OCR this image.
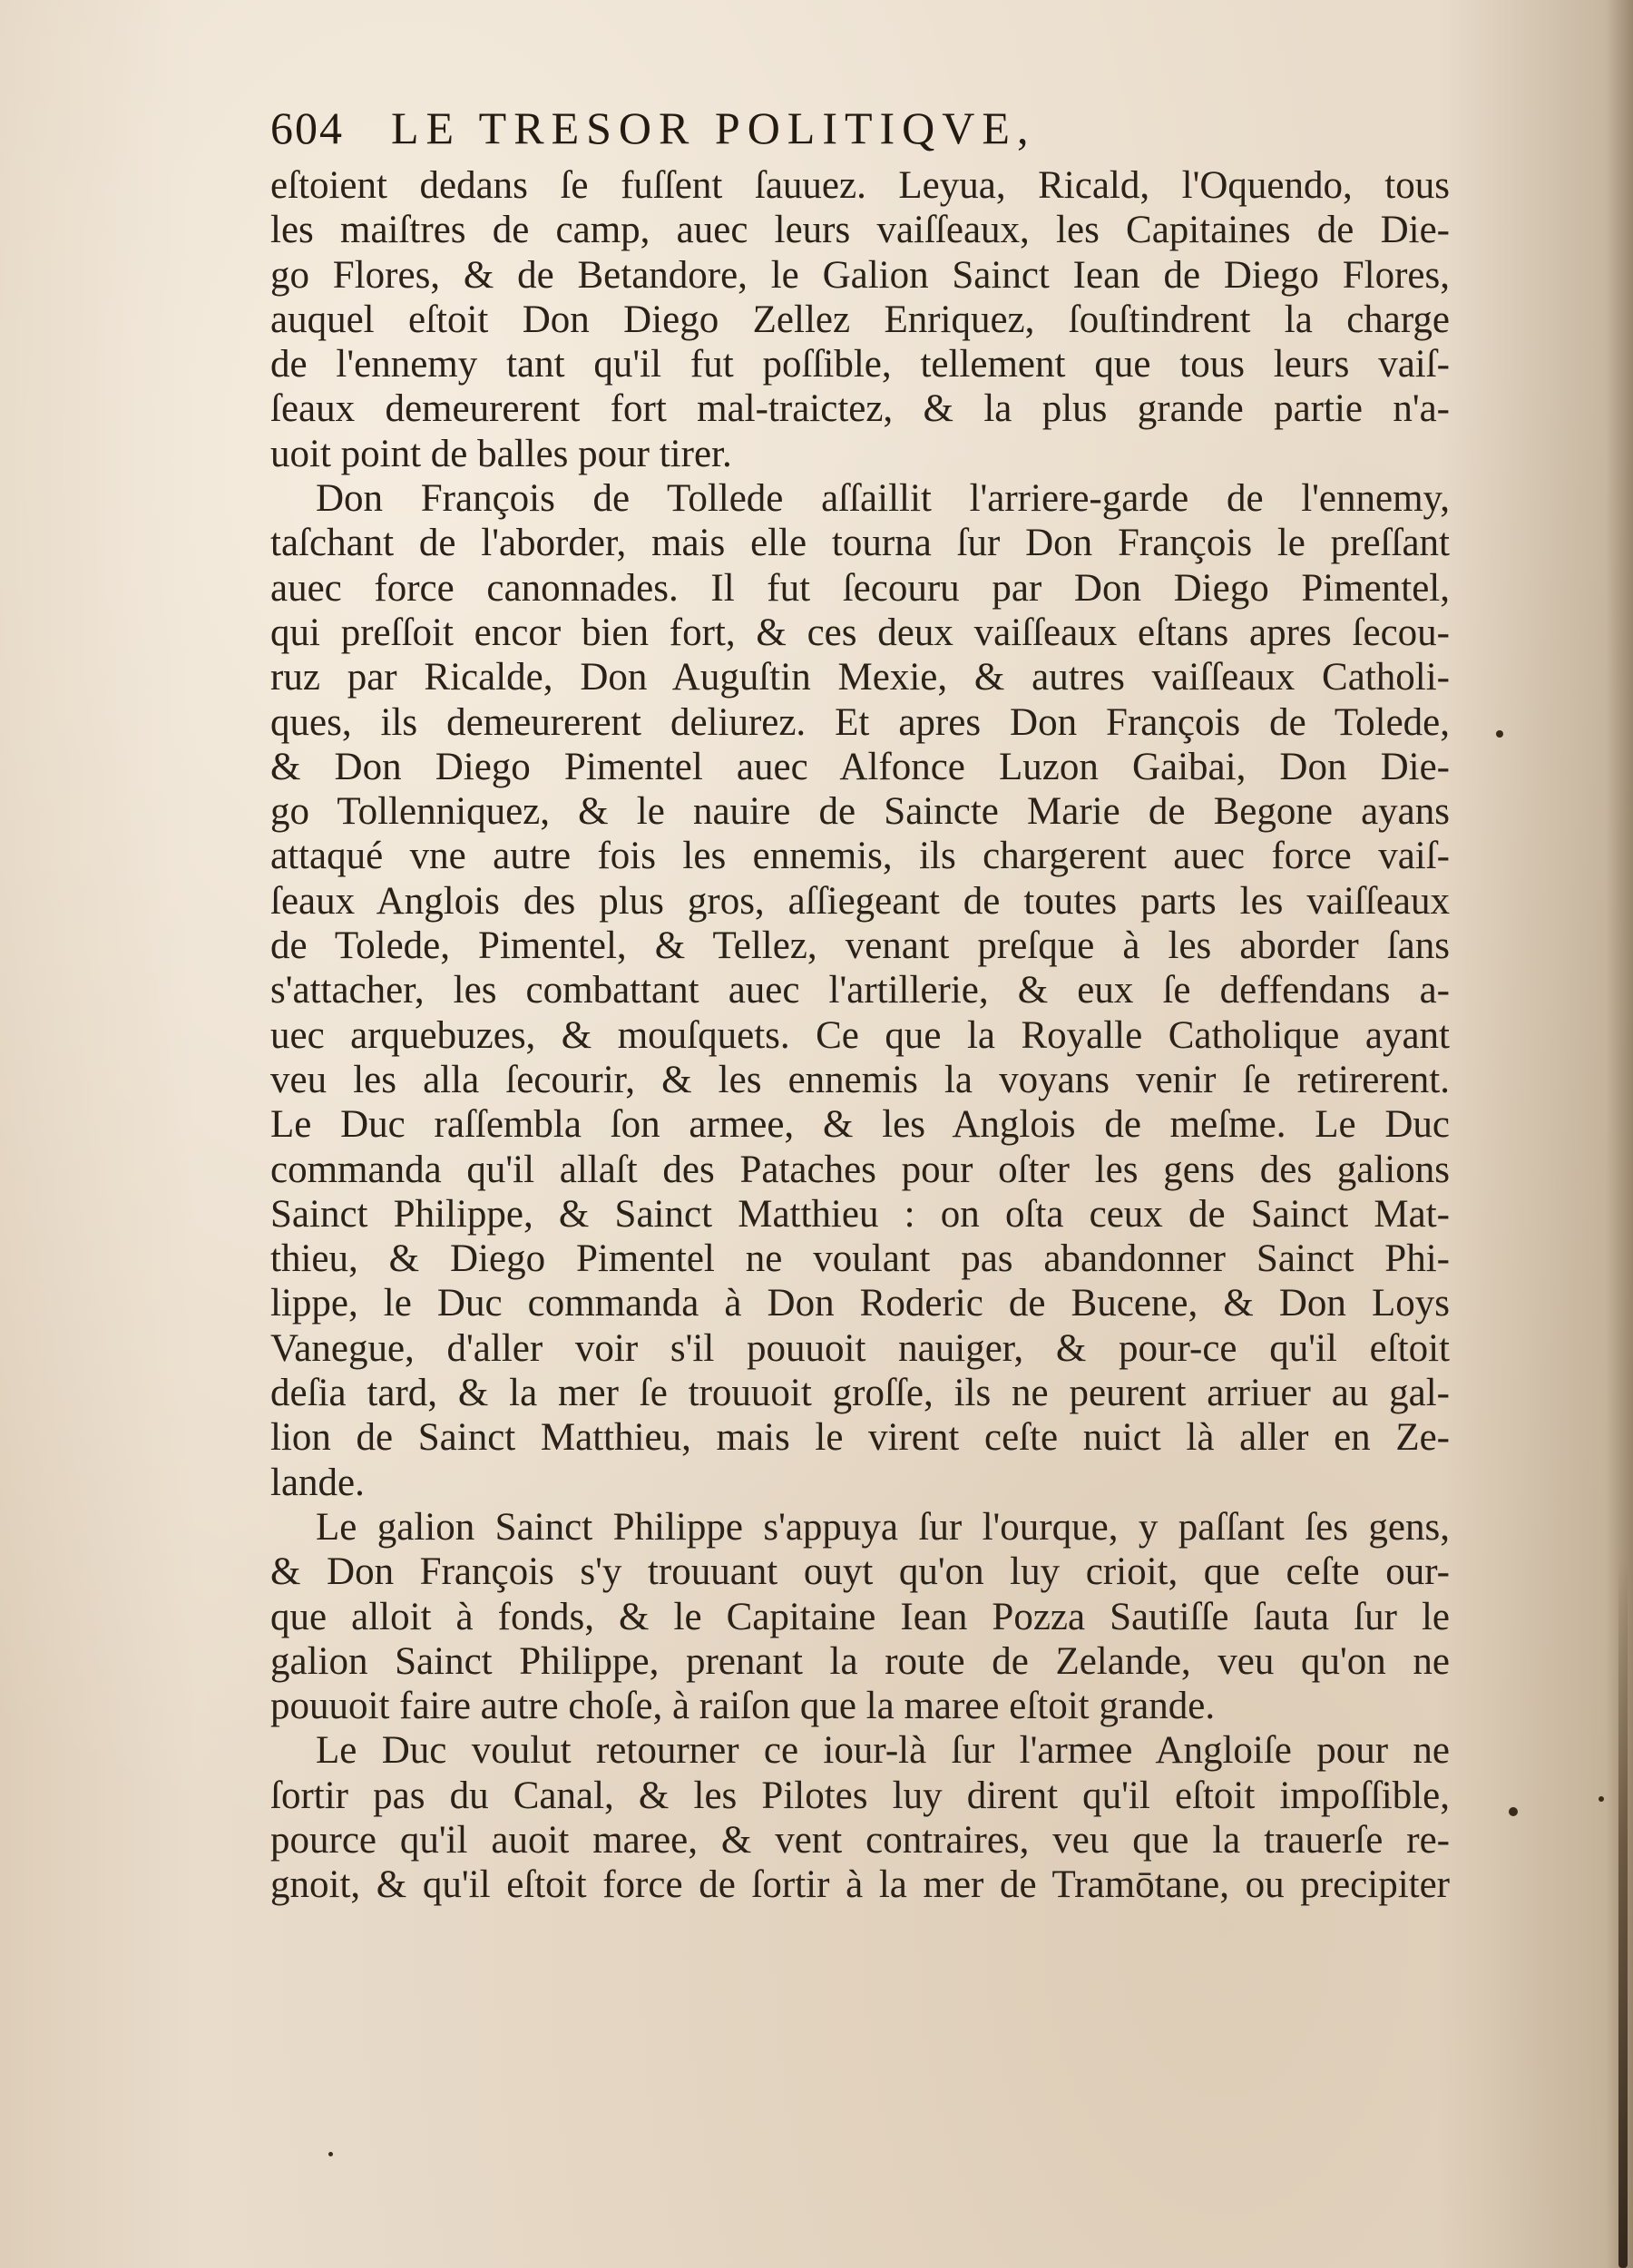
604 LE TRESOR POLITIQVE,
eſtoient dedans ſe fuſſent ſauuez. Leyua, Ricald, l'Oquendo, tous
les maiſtres de camp, auec leurs vaiſſeaux, les Capitaines de Die-
go Flores, & de Betandore, le Galion Sainct Iean de Diego Flores,
auquel eſtoit Don Diego Zellez Enriquez, ſouſtindrent la charge
de l'ennemy tant qu'il fut poſſible, tellement que tous leurs vaiſ-
ſeaux demeurerent fort mal-traictez, & la plus grande partie n'a-
uoit point de balles pour tirer.
Don François de Tollede aſſaillit l'arriere-garde de l'ennemy,
taſchant de l'aborder, mais elle tourna ſur Don François le preſſant
auec force canonnades. Il fut ſecouru par Don Diego Pimentel,
qui preſſoit encor bien fort, & ces deux vaiſſeaux eſtans apres ſecou-
ruz par Ricalde, Don Auguſtin Mexie, & autres vaiſſeaux Catholi-
ques, ils demeurerent deliurez. Et apres Don François de Tolede,
& Don Diego Pimentel auec Alfonce Luzon Gaibai, Don Die-
go Tollenniquez, & le nauire de Saincte Marie de Begone ayans
attaqué vne autre fois les ennemis, ils chargerent auec force vaiſ-
ſeaux Anglois des plus gros, aſſiegeant de toutes parts les vaiſſeaux
de Tolede, Pimentel, & Tellez, venant preſque à les aborder ſans
s'attacher, les combattant auec l'artillerie, & eux ſe deffendans a-
uec arquebuzes, & mouſquets. Ce que la Royalle Catholique ayant
veu les alla ſecourir, & les ennemis la voyans venir ſe retirerent.
Le Duc raſſembla ſon armee, & les Anglois de meſme. Le Duc
commanda qu'il allaſt des Pataches pour oſter les gens des galions
Sainct Philippe, & Sainct Matthieu : on oſta ceux de Sainct Mat-
thieu, & Diego Pimentel ne voulant pas abandonner Sainct Phi-
lippe, le Duc commanda à Don Roderic de Bucene, & Don Loys
Vanegue, d'aller voir s'il pouuoit nauiger, & pour-ce qu'il eſtoit
deſia tard, & la mer ſe trouuoit groſſe, ils ne peurent arriuer au gal-
lion de Sainct Matthieu, mais le virent ceſte nuict là aller en Ze-
lande.
Le galion Sainct Philippe s'appuya ſur l'ourque, y paſſant ſes gens,
& Don François s'y trouuant ouyt qu'on luy crioit, que ceſte our-
que alloit à fonds, & le Capitaine Iean Pozza Sautiſſe ſauta ſur le
galion Sainct Philippe, prenant la route de Zelande, veu qu'on ne
pouuoit faire autre choſe, à raiſon que la maree eſtoit grande.
Le Duc voulut retourner ce iour-là ſur l'armee Angloiſe pour ne
ſortir pas du Canal, & les Pilotes luy dirent qu'il eſtoit impoſſible,
pource qu'il auoit maree, & vent contraires, veu que la trauerſe re-
gnoit, & qu'il eſtoit force de ſortir à la mer de Tramōtane, ou precipiter
